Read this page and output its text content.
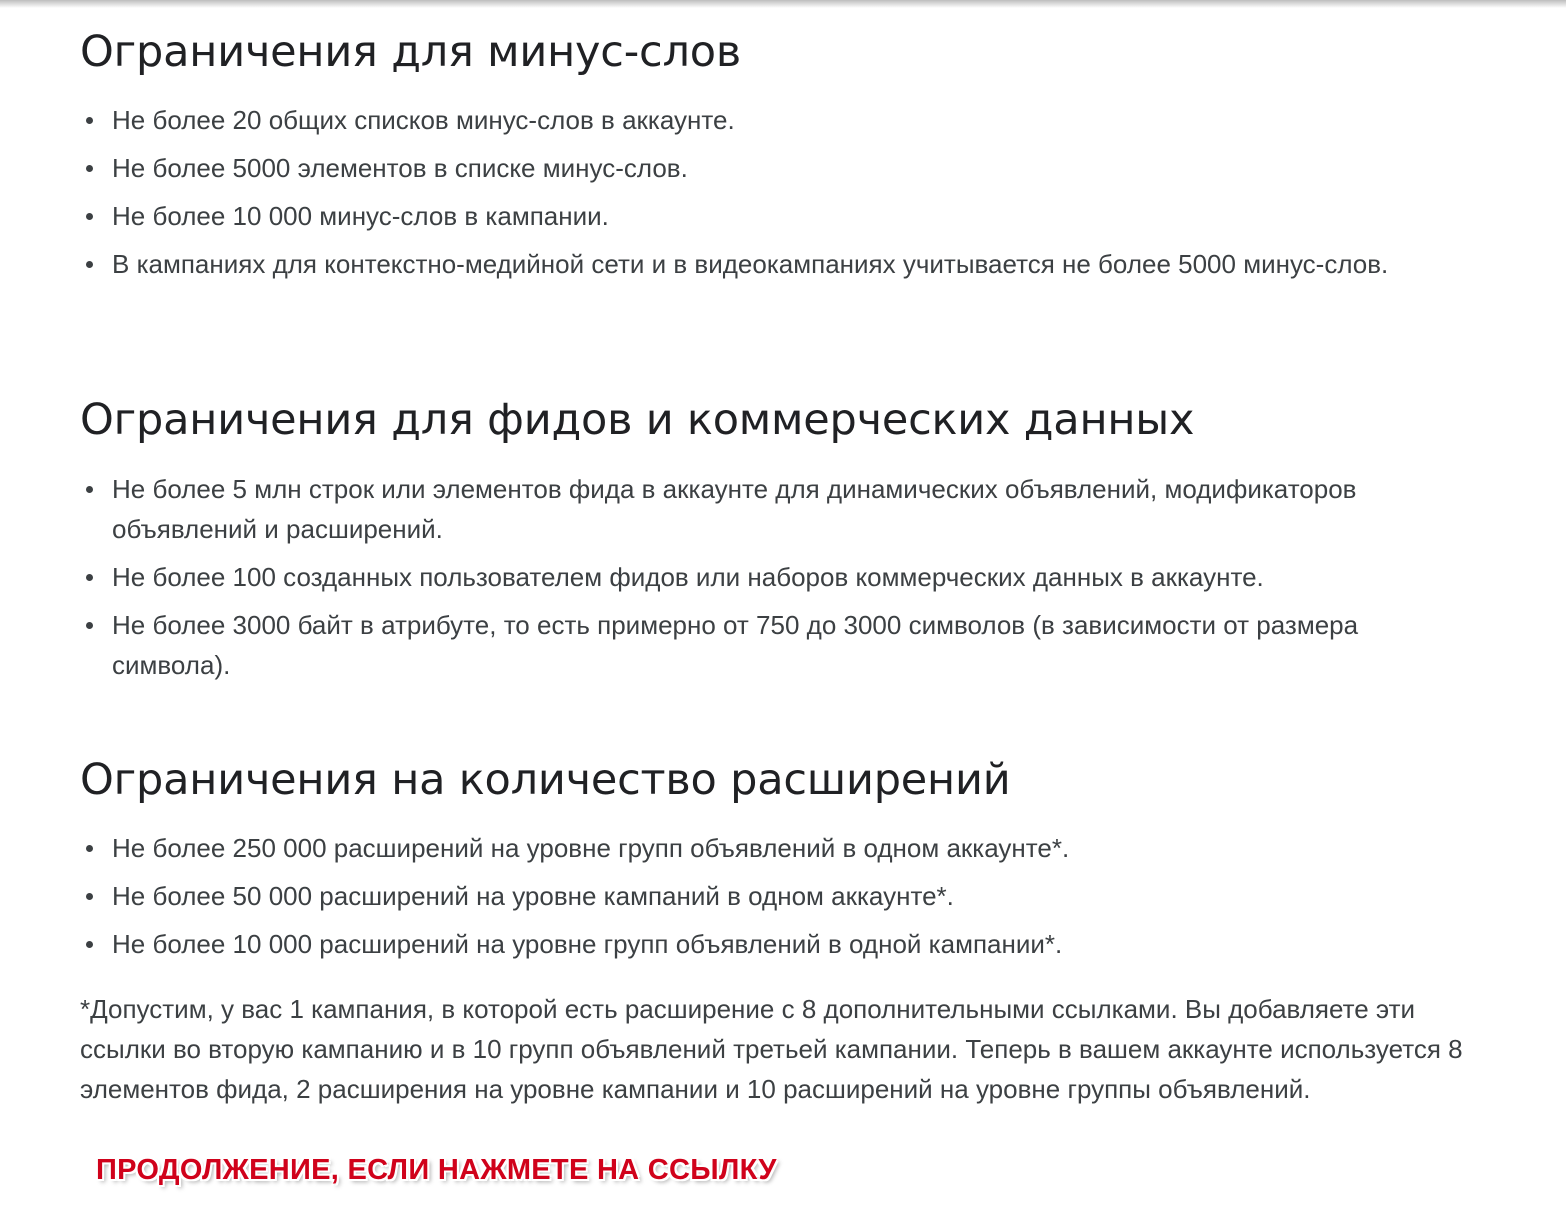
Ограничения для минус-слов
Не более 20 общих списков минус-слов в аккаунте.
Не более 5000 элементов в списке минус-слов.
Не более 10 000 минус-слов в кампании.
В кампаниях для контекстно-медийной сети и в видеокампаниях учитывается не более 5000 минус-слов.
Ограничения для фидов и коммерческих данных
Не более 5 млн строк или элементов фида в аккаунте для динамических объявлений, модификаторов объявлений и расширений.
Не более 100 созданных пользователем фидов или наборов коммерческих данных в аккаунте.
Не более 3000 байт в атрибуте, то есть примерно от 750 до 3000 символов (в зависимости от размера символа).
Ограничения на количество расширений
Не более 250 000 расширений на уровне групп объявлений в одном аккаунте*.
Не более 50 000 расширений на уровне кампаний в одном аккаунте*.
Не более 10 000 расширений на уровне групп объявлений в одной кампании*.

*Допустим, у вас 1 кампания, в которой есть расширение с 8 дополнительными ссылками. Вы добавляете эти ссылки во вторую кампанию и в 10 групп объявлений третьей кампании. Теперь в вашем аккаунте используется 8 элементов фида, 2 расширения на уровне кампании и 10 расширений на уровне группы объявлений.

ПРОДОЛЖЕНИЕ, ЕСЛИ НАЖМЕТЕ НА ССЫЛКУ
